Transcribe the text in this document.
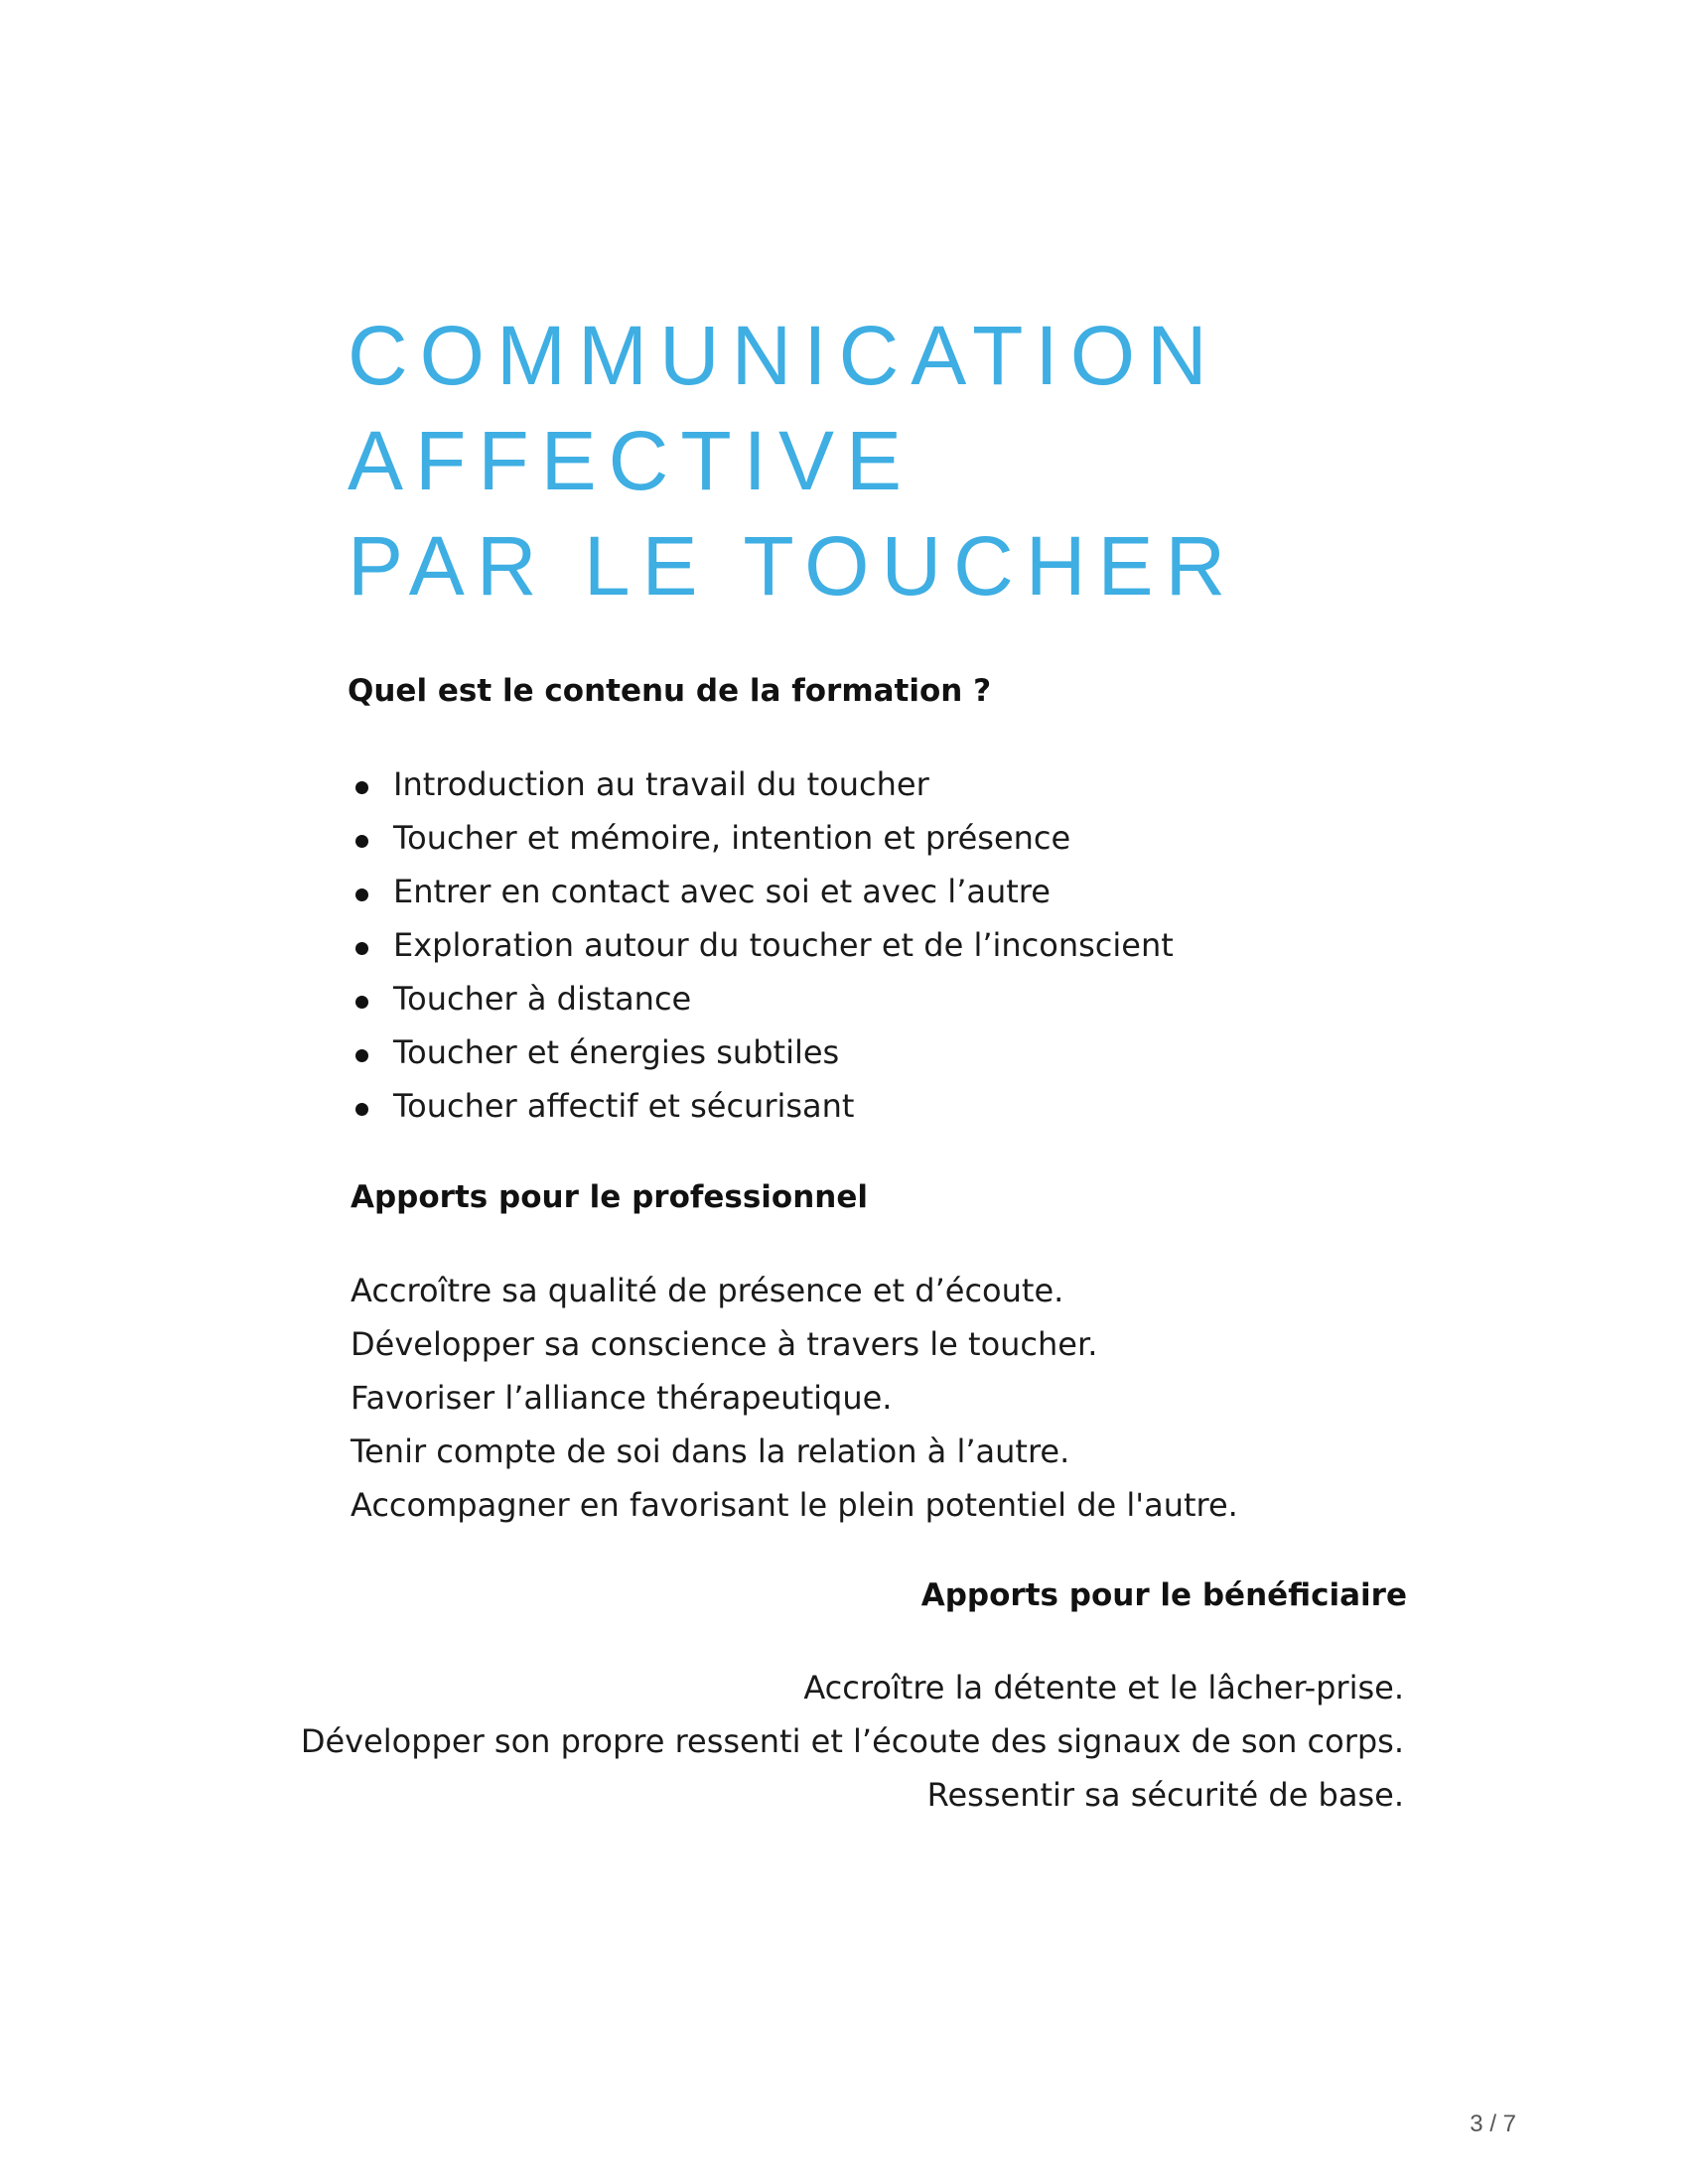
COMMUNICATION
AFFECTIVE
PAR LE TOUCHER
Quel est le contenu de la formation ?
Introduction au travail du toucher
Toucher et mémoire, intention et présence
Entrer en contact avec soi et avec l’autre
Exploration autour du toucher et de l’inconscient
Toucher à distance
Toucher et énergies subtiles
Toucher affectif et sécurisant
Apports pour le professionnel

Accroître sa qualité de présence et d’écoute.

Développer sa conscience à travers le toucher.

Favoriser l’alliance thérapeutique.

Tenir compte de soi dans la relation à l’autre.

Accompagner en favorisant le plein potentiel de l'autre.

Apports pour le bénéficiaire

Accroître la détente et le lâcher-prise.

Développer son propre ressenti et l’écoute des signaux de son corps.

Ressentir sa sécurité de base.

3 / 7
